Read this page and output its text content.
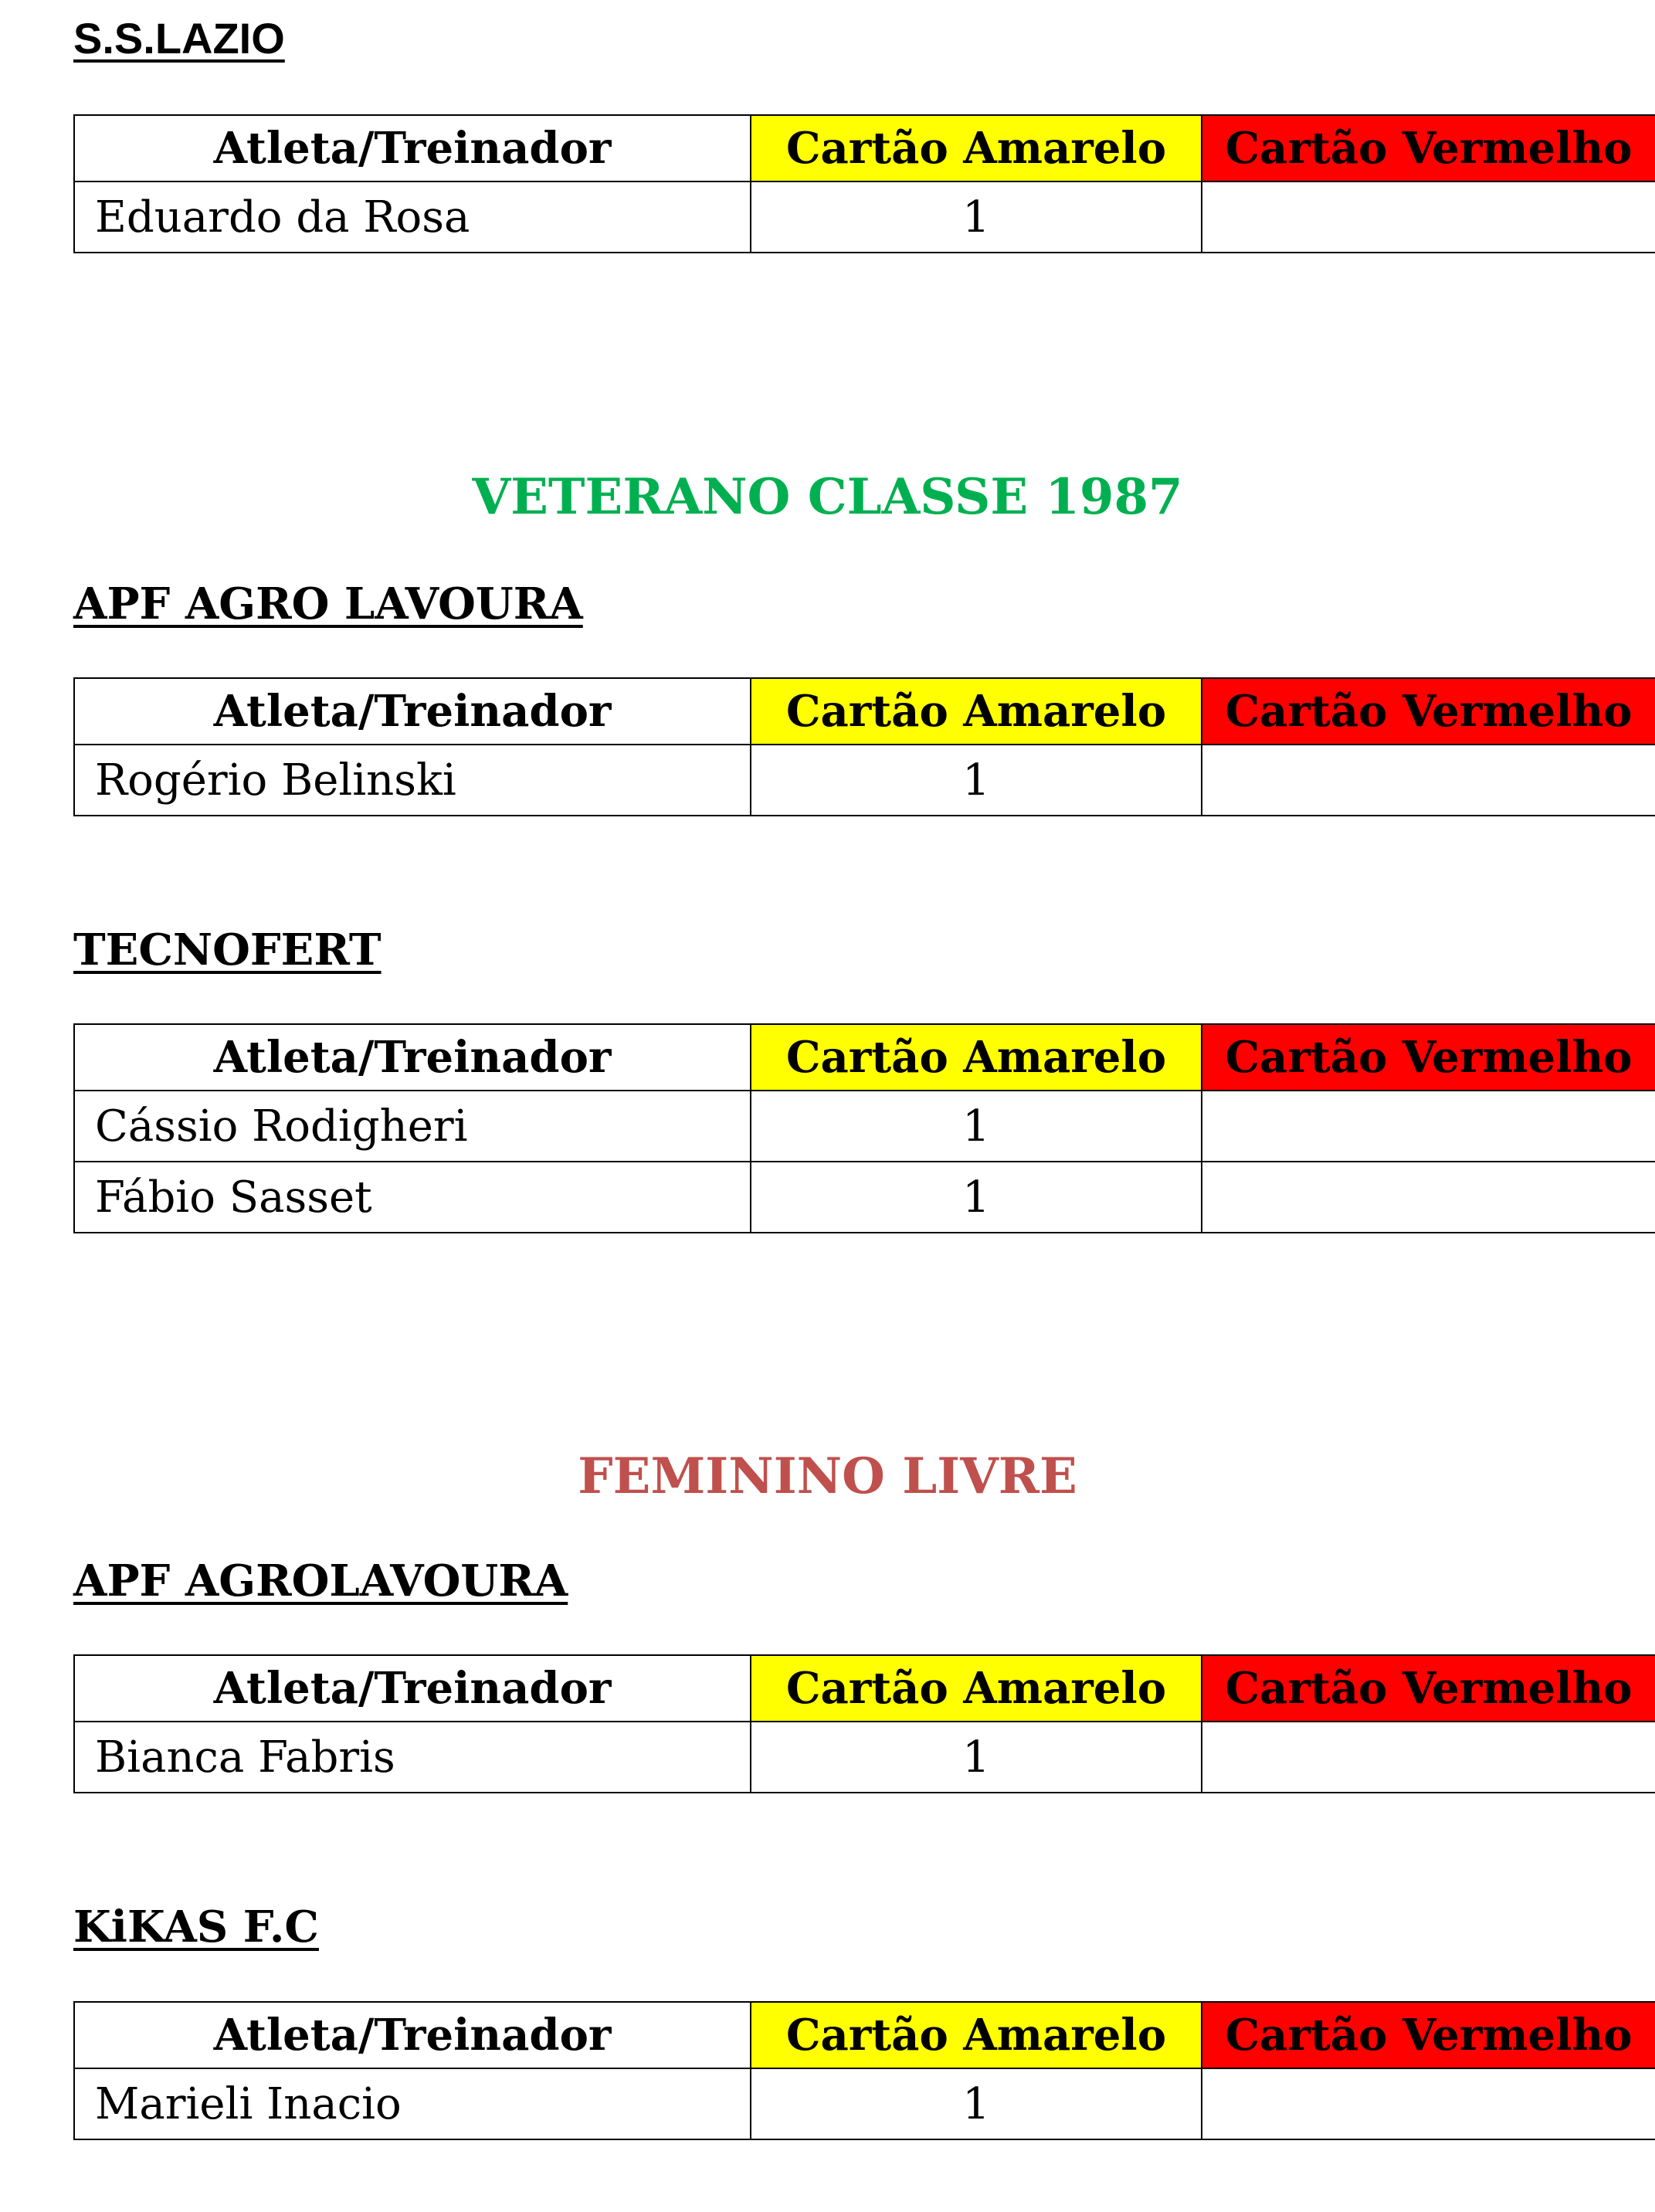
S.S.LAZIO
Atleta/Treinador	Cartão Amarelo	Cartão Vermelho
Eduardo da Rosa	1	
VETERANO CLASSE 1987
APF AGRO LAVOURA
Atleta/Treinador	Cartão Amarelo	Cartão Vermelho
Rogério Belinski	1	
TECNOFERT
Atleta/Treinador	Cartão Amarelo	Cartão Vermelho
Cássio Rodigheri	1	
Fábio Sasset	1	
FEMININO LIVRE
APF AGROLAVOURA
Atleta/Treinador	Cartão Amarelo	Cartão Vermelho
Bianca Fabris	1	
KiKAS F.C
Atleta/Treinador	Cartão Amarelo	Cartão Vermelho
Marieli Inacio	1	
